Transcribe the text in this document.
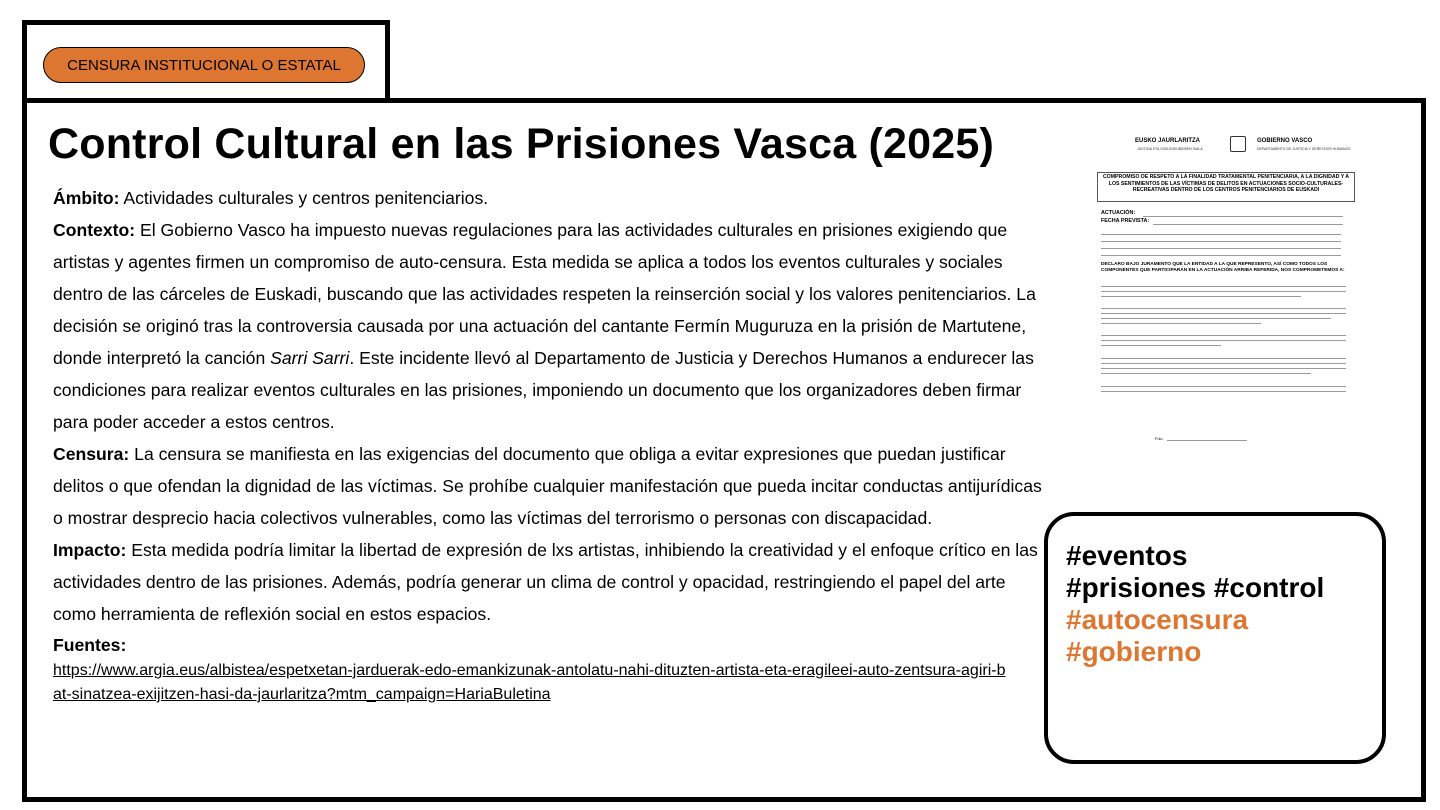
CENSURA INSTITUCIONAL O ESTATAL
Control Cultural en las Prisiones Vasca (2025)

Ámbito: Actividades culturales y centros penitenciarios.

Contexto: El Gobierno Vasco ha impuesto nuevas regulaciones para las actividades culturales en prisiones exigiendo que artistas y agentes firmen un compromiso de auto-censura. Esta medida se aplica a todos los eventos culturales y sociales dentro de las cárceles de Euskadi, buscando que las actividades respeten la reinserción social y los valores penitenciarios. La decisión se originó tras la controversia causada por una actuación del cantante Fermín Muguruza en la prisión de Martutene, donde interpretó la canción Sarri Sarri. Este incidente llevó al Departamento de Justicia y Derechos Humanos a endurecer las condiciones para realizar eventos culturales en las prisiones, imponiendo un documento que los organizadores deben firmar para poder acceder a estos centros.

Censura: La censura se manifiesta en las exigencias del documento que obliga a evitar expresiones que puedan justificar delitos o que ofendan la dignidad de las víctimas. Se prohíbe cualquier manifestación que pueda incitar conductas antijurídicas o mostrar desprecio hacia colectivos vulnerables, como las víctimas del terrorismo o personas con discapacidad.

Impacto: Esta medida podría limitar la libertad de expresión de lxs artistas, inhibiendo la creatividad y el enfoque crítico en las actividades dentro de las prisiones. Además, podría generar un clima de control y opacidad, restringiendo el papel del arte como herramienta de reflexión social en estos espacios.

Fuentes:
https://www.argia.eus/albistea/espetxetan-jarduerak-edo-emankizunak-antolatu-nahi-dituzten-artista-eta-eragileei-auto-zentsura-agiri-bat-sinatzea-exijitzen-hasi-da-jaurlaritza?mtm_campaign=HariaBuletina
EUSKO JAURLARITZA	GOBIERNO VASCO
JUSTIZIA ETA GIZA ESKUBIDEEN SAILA	DEPARTAMENTO DE JUSTICIA Y DERECHOS HUMANOS
COMPROMISO DE RESPETO A LA FINALIDAD TRATAMENTAL PENITENCIARIA, A LA DIGNIDAD Y A LOS SENTIMIENTOS DE LAS VÍCTIMAS DE DELITOS EN ACTUACIONES SOCIO-CULTURALES-RECREATIVAS DENTRO DE LOS CENTROS PENITENCIARIOS DE EUSKADI
ACTUACIÓN:
FECHA PREVISTA:
DECLARO BAJO JURAMENTO QUE LA ENTIDAD A LA QUE REPRESENTO, ASÍ COMO TODOS LOS COMPONENTES QUE PARTICIPARÁN EN LA ACTUACIÓN ARRIBA REFERIDA, NOS COMPROMETEMOS A:
Fdo.:
#eventos
#prisiones #control
#autocensura
#gobierno
